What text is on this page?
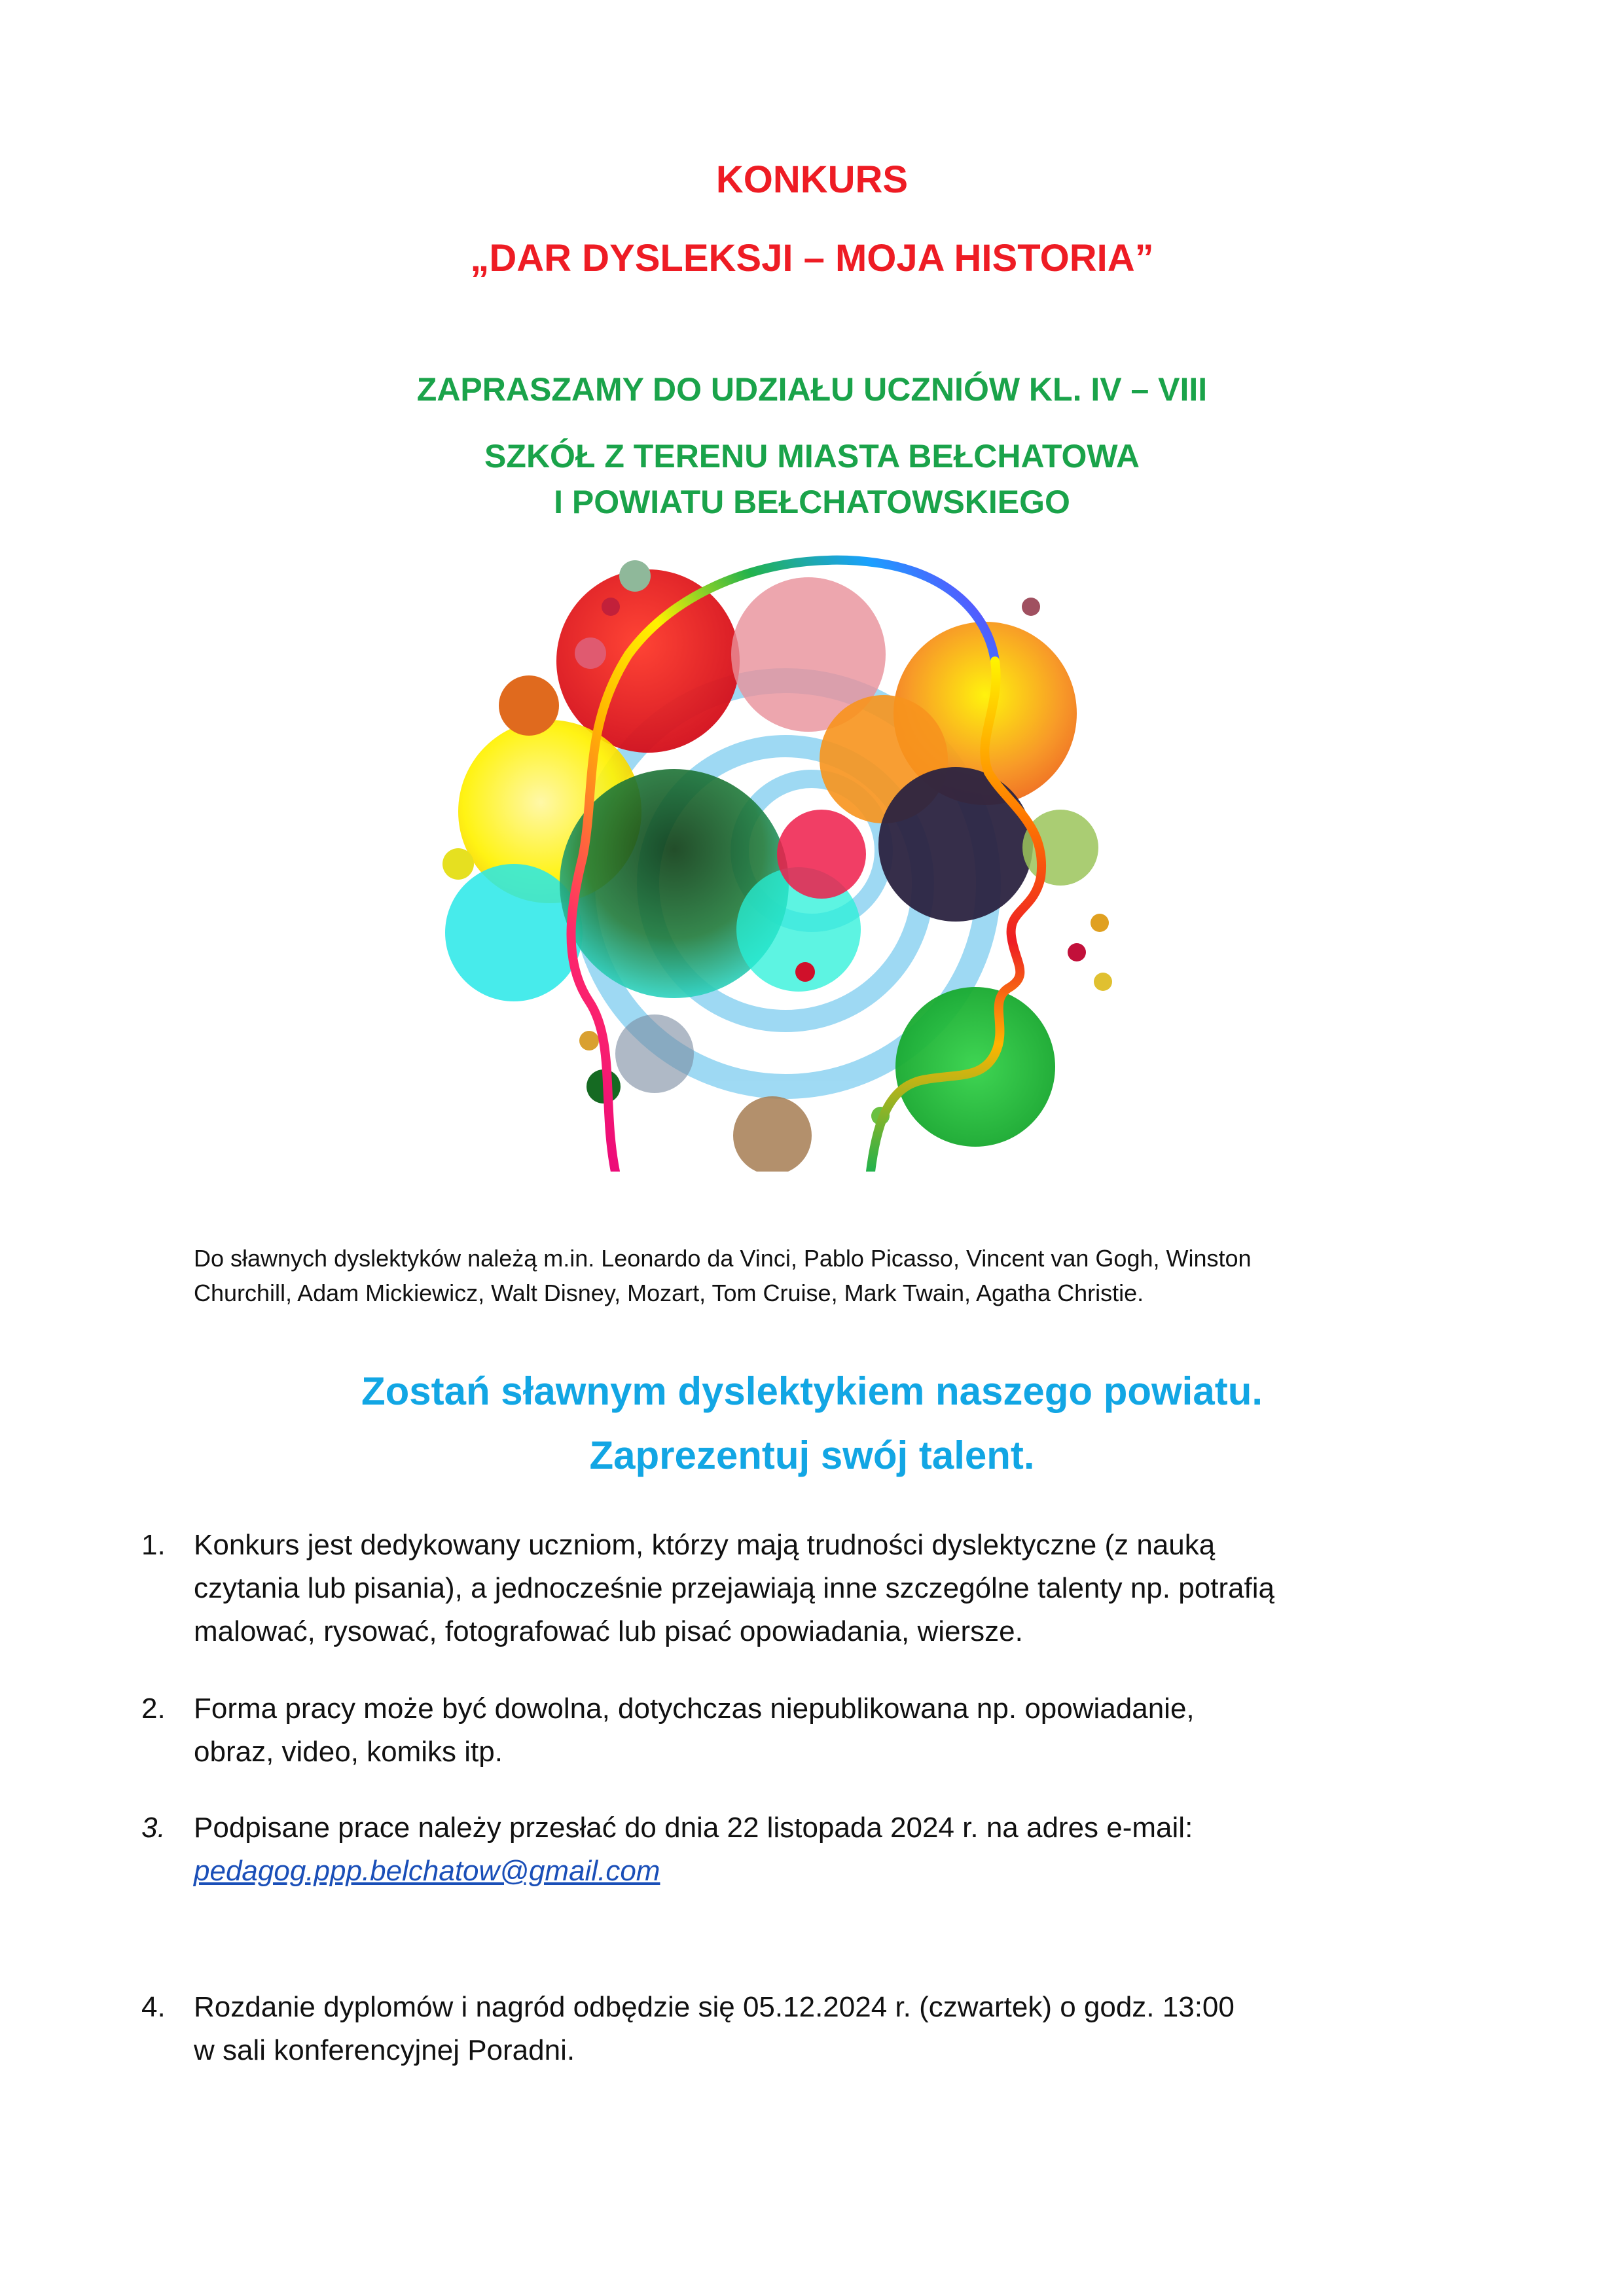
KONKURS
„DAR DYSLEKSJI – MOJA HISTORIA”
ZAPRASZAMY DO UDZIAŁU UCZNIÓW KL. IV – VIII
SZKÓŁ Z TERENU MIASTA BEŁCHATOWA
I POWIATU BEŁCHATOWSKIEGO
Do sławnych dyslektyków należą m.in. Leonardo da Vinci, Pablo Picasso, Vincent van Gogh, Winston
Churchill, Adam Mickiewicz, Walt Disney, Mozart, Tom Cruise, Mark Twain, Agatha Christie.
Zostań sławnym dyslektykiem naszego powiatu.
Zaprezentuj swój talent.
1. Konkurs jest dedykowany uczniom, którzy mają trudności dyslektyczne (z nauką
czytania lub pisania), a jednocześnie przejawiają inne szczególne talenty np. potrafią
malować, rysować, fotografować lub pisać opowiadania, wiersze.
2. Forma pracy może być dowolna, dotychczas niepublikowana np. opowiadanie,
obraz, video, komiks itp.
3. Podpisane prace należy przesłać do dnia 22 listopada 2024 r. na adres e-mail:
pedagog.ppp.belchatow@gmail.com
4. Rozdanie dyplomów i nagród odbędzie się 05.12.2024 r. (czwartek) o godz. 13:00
w sali konferencyjnej Poradni.
